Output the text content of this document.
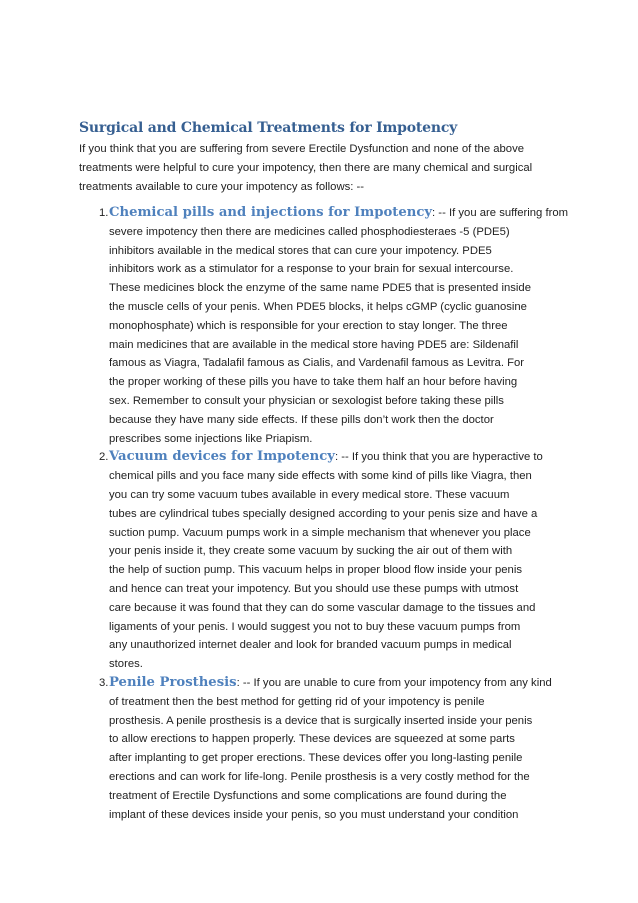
Surgical and Chemical Treatments for Impotency
If you think that you are suffering from severe Erectile Dysfunction and none of the above
treatments were helpful to cure your impotency, then there are many chemical and surgical
treatments available to cure your impotency as follows: --
1. Chemical pills and injections for Impotency: -- If you are suffering from
severe impotency then there are medicines called phosphodiesteraes -5 (PDE5)
inhibitors available in the medical stores that can cure your impotency. PDE5
inhibitors work as a stimulator for a response to your brain for sexual intercourse.
These medicines block the enzyme of the same name PDE5 that is presented inside
the muscle cells of your penis. When PDE5 blocks, it helps cGMP (cyclic guanosine
monophosphate) which is responsible for your erection to stay longer. The three
main medicines that are available in the medical store having PDE5 are: Sildenafil
famous as Viagra, Tadalafil famous as Cialis, and Vardenafil famous as Levitra. For
the proper working of these pills you have to take them half an hour before having
sex. Remember to consult your physician or sexologist before taking these pills
because they have many side effects. If these pills don’t work then the doctor
prescribes some injections like Priapism.
2. Vacuum devices for Impotency: -- If you think that you are hyperactive to
chemical pills and you face many side effects with some kind of pills like Viagra, then
you can try some vacuum tubes available in every medical store. These vacuum
tubes are cylindrical tubes specially designed according to your penis size and have a
suction pump. Vacuum pumps work in a simple mechanism that whenever you place
your penis inside it, they create some vacuum by sucking the air out of them with
the help of suction pump. This vacuum helps in proper blood flow inside your penis
and hence can treat your impotency. But you should use these pumps with utmost
care because it was found that they can do some vascular damage to the tissues and
ligaments of your penis. I would suggest you not to buy these vacuum pumps from
any unauthorized internet dealer and look for branded vacuum pumps in medical
stores.
3. Penile Prosthesis: -- If you are unable to cure from your impotency from any kind
of treatment then the best method for getting rid of your impotency is penile
prosthesis. A penile prosthesis is a device that is surgically inserted inside your penis
to allow erections to happen properly. These devices are squeezed at some parts
after implanting to get proper erections. These devices offer you long-lasting penile
erections and can work for life-long. Penile prosthesis is a very costly method for the
treatment of Erectile Dysfunctions and some complications are found during the
implant of these devices inside your penis, so you must understand your condition
